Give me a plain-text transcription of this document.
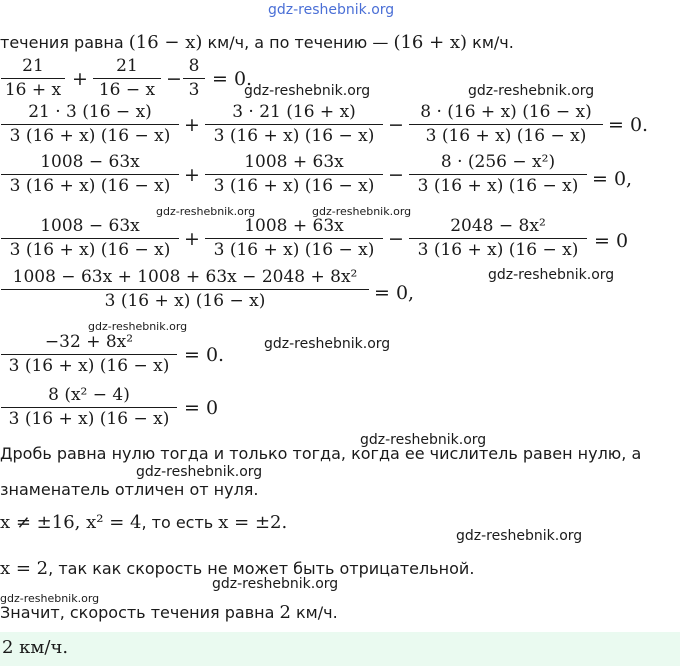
gdz-reshebnik.org
течения равна (16 − x) км/ч, а по течению — (16 + x) км/ч.
21
16 + x +
21
16 − x −
8
3 = 0.
21 · 3 (16 − x)
3 (16 + x) (16 − x) +
3 · 21 (16 + x)
3 (16 + x) (16 − x) −
8 · (16 + x) (16 − x)
3 (16 + x) (16 − x)	= 0.
1008 − 63x
3 (16 + x) (16 − x) +
1008 + 63x
3 (16 + x) (16 − x) −
8 · (256 − x²)
3 (16 + x) (16 − x) = 0,
1008 − 63x
3 (16 + x) (16 − x) +
1008 + 63x
3 (16 + x) (16 − x) −
2048 − 8x²
3 (16 + x) (16 − x) = 0
1008 − 63x + 1008 + 63x − 2048 + 8x²
3 (16 + x) (16 − x)	= 0,
−32 + 8x²
3 (16 + x) (16 − x) = 0.
8 (x² − 4)
3 (16 + x) (16 − x) = 0
Дробь равна нулю тогда и только тогда, когда ее числитель равен нулю, а
знаменатель отличен от нуля.
x ≠ ±16, x² = 4, то есть x = ±2.
x = 2, так как скорость не может быть отрицательной.
Значит, скорость течения равна 2 км/ч.
2 км/ч.
gdz-reshebnik.org	gdz-reshebnik.org
gdz-reshebnik.org	gdz-reshebnik.org
gdz-reshebnik.org
gdz-reshebnik.org
gdz-reshebnik.org
gdz-reshebnik.org
gdz-reshebnik.org
gdz-reshebnik.org
gdz-reshebnik.org
gdz-reshebnik.org
